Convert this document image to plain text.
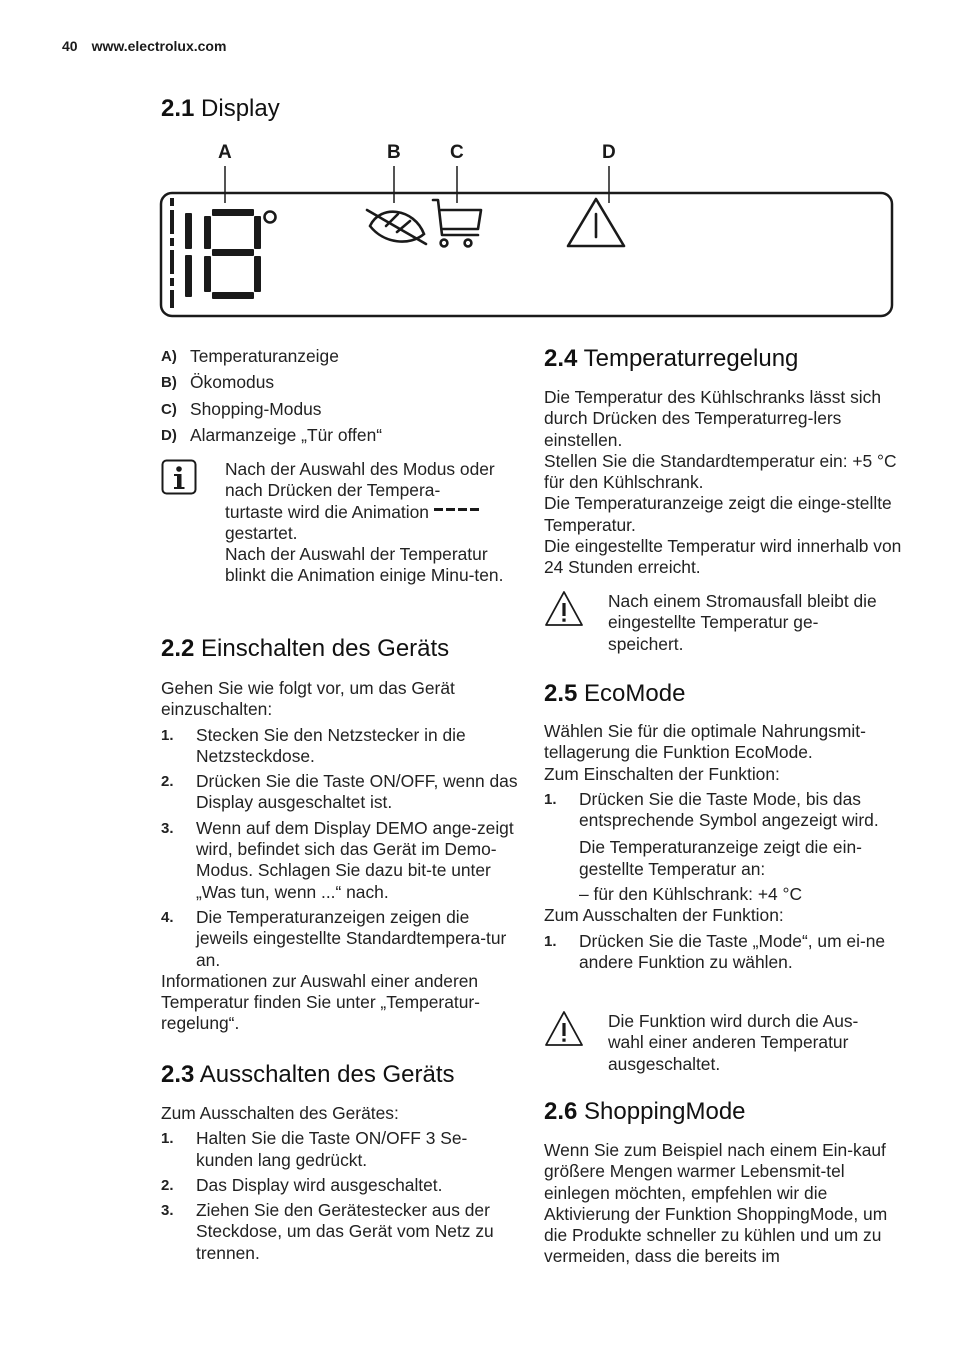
40 www.electrolux.com
2.1 Display
A	B	C	D
A) Temperaturanzeige
B) Ökomodus
C) Shopping-Modus
D) Alarmanzeige „Tür offen“
Nach der Auswahl des Modus oder nach Drücken der Tempera-
turtaste wird die Animation
gestartet.
Nach der Auswahl der Temperatur blinkt die Animation einige Minu-ten.
2.2 Einschalten des Geräts
Gehen Sie wie folgt vor, um das Gerät einzuschalten:
1. Stecken Sie den Netzstecker in die Netzsteckdose.
2. Drücken Sie die Taste ON/OFF, wenn das Display ausgeschaltet ist.
3. Wenn auf dem Display DEMO ange-zeigt wird, befindet sich das Gerät im Demo-Modus. Schlagen Sie dazu bit-te unter „Was tun, wenn ...“ nach.
4. Die Temperaturanzeigen zeigen die jeweils eingestellte Standardtempera-tur an.
Informationen zur Auswahl einer anderen Temperatur finden Sie unter „Temperatur-regelung“.
2.3 Ausschalten des Geräts
Zum Ausschalten des Gerätes:
1. Halten Sie die Taste ON/OFF 3 Se-kunden lang gedrückt.
2. Das Display wird ausgeschaltet.
3. Ziehen Sie den Gerätestecker aus der Steckdose, um das Gerät vom Netz zu trennen.
2.4 Temperaturregelung
Die Temperatur des Kühlschranks lässt sich durch Drücken des Temperaturreg-lers einstellen.
Stellen Sie die Standardtemperatur ein: +5 °C für den Kühlschrank.
Die Temperaturanzeige zeigt die einge-stellte Temperatur.
Die eingestellte Temperatur wird innerhalb von 24 Stunden erreicht.
Nach einem Stromausfall bleibt die eingestellte Temperatur ge-speichert.
2.5 EcoMode
Wählen Sie für die optimale Nahrungsmit-tellagerung die Funktion EcoMode.
Zum Einschalten der Funktion:
1. Drücken Sie die Taste Mode, bis das entsprechende Symbol angezeigt wird.
Die Temperaturanzeige zeigt die ein-gestellte Temperatur an:
– für den Kühlschrank: +4 °C
Zum Ausschalten der Funktion:
1. Drücken Sie die Taste „Mode“, um ei-ne andere Funktion zu wählen.
Die Funktion wird durch die Aus-wahl einer anderen Temperatur ausgeschaltet.
2.6 ShoppingMode
Wenn Sie zum Beispiel nach einem Ein-kauf größere Mengen warmer Lebensmit-tel einlegen möchten, empfehlen wir die Aktivierung der Funktion ShoppingMode, um die Produkte schneller zu kühlen und um zu vermeiden, dass die bereits im
